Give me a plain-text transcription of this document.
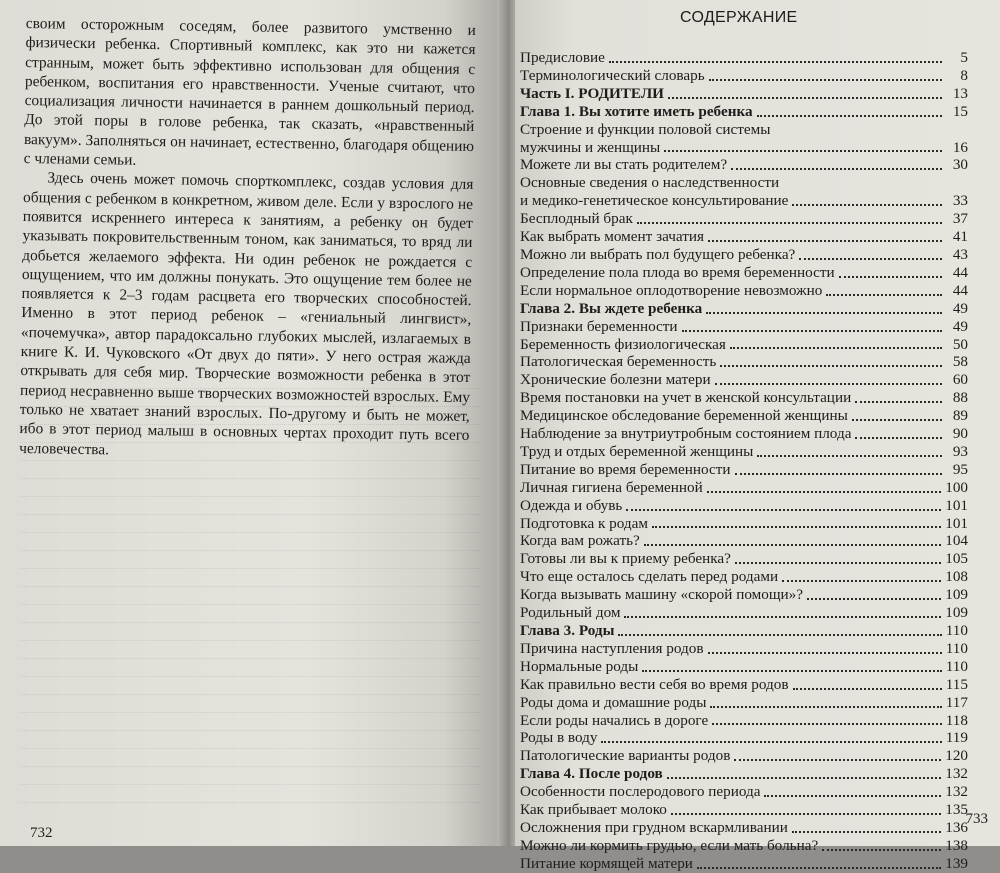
своим осторожным соседям, более развитого умственно и физически ребенка. Спортивный комплекс, как это ни кажется странным, может быть эффективно использован для общения с ребенком, воспитания его нравственности. Ученые считают, что социализация личности начинается в раннем дошкольный период. До этой поры в голове ребенка, так сказать, «нравственный вакуум». Заполняться он начинает, естественно, благодаря общению с членами семьи.

Здесь очень может помочь спорткомплекс, создав условия для общения с ребенком в конкретном, живом деле. Если у взрослого не появится искреннего интереса к занятиям, а ребенку он будет указывать покровительственным тоном, как заниматься, то вряд ли добьется желаемого эффекта. Ни один ребенок не рождается с ощущением, что им должны понукать. Это ощущение тем более не появляется к 2–3 годам расцвета его творческих способностей. Именно в этот период ребенок – «гениальный лингвист», «почемучка», автор парадоксально глубоких мыслей, излагаемых в книге К. И. Чуковского «От двух до пяти». У него острая жажда открывать для себя мир. Творческие возможности ребенка в этот период несравненно выше творческих возможностей взрослых. Ему только не хватает знаний взрослых. По-другому и быть не может, ибо в этот период малыш в основных чертах проходит путь всего человечества.

732
733
СОДЕРЖАНИЕ
Предисловие	5
Терминологический словарь	8
Часть I. РОДИТЕЛИ	13
Глава 1. Вы хотите иметь ребенка	15
Строение и функции половой системы
мужчины и женщины	16
Можете ли вы стать родителем?	30
Основные сведения о наследственности
и медико-генетическое консультирование	33
Бесплодный брак	37
Как выбрать момент зачатия	41
Можно ли выбрать пол будущего ребенка?	43
Определение пола плода во время беременности	44
Если нормальное оплодотворение невозможно	44
Глава 2. Вы ждете ребенка	49
Признаки беременности	49
Беременность физиологическая	50
Патологическая беременность	58
Хронические болезни матери	60
Время постановки на учет в женской консультации	88
Медицинское обследование беременной женщины	89
Наблюдение за внутриутробным состоянием плода	90
Труд и отдых беременной женщины	93
Питание во время беременности	95
Личная гигиена беременной	100
Одежда и обувь	101
Подготовка к родам	101
Когда вам рожать?	104
Готовы ли вы к приему ребенка?	105
Что еще осталось сделать перед родами	108
Когда вызывать машину «скорой помощи»?	109
Родильный дом	109
Глава 3. Роды	110
Причина наступления родов	110
Нормальные роды	110
Как правильно вести себя во время родов	115
Роды дома и домашние роды	117
Если роды начались в дороге	118
Роды в воду	119
Патологические варианты родов	120
Глава 4. После родов	132
Особенности послеродового периода	132
Как прибывает молоко	135
Осложнения при грудном вскармливании	136
Можно ли кормить грудью, если мать больна?	138
Питание кормящей матери	139
